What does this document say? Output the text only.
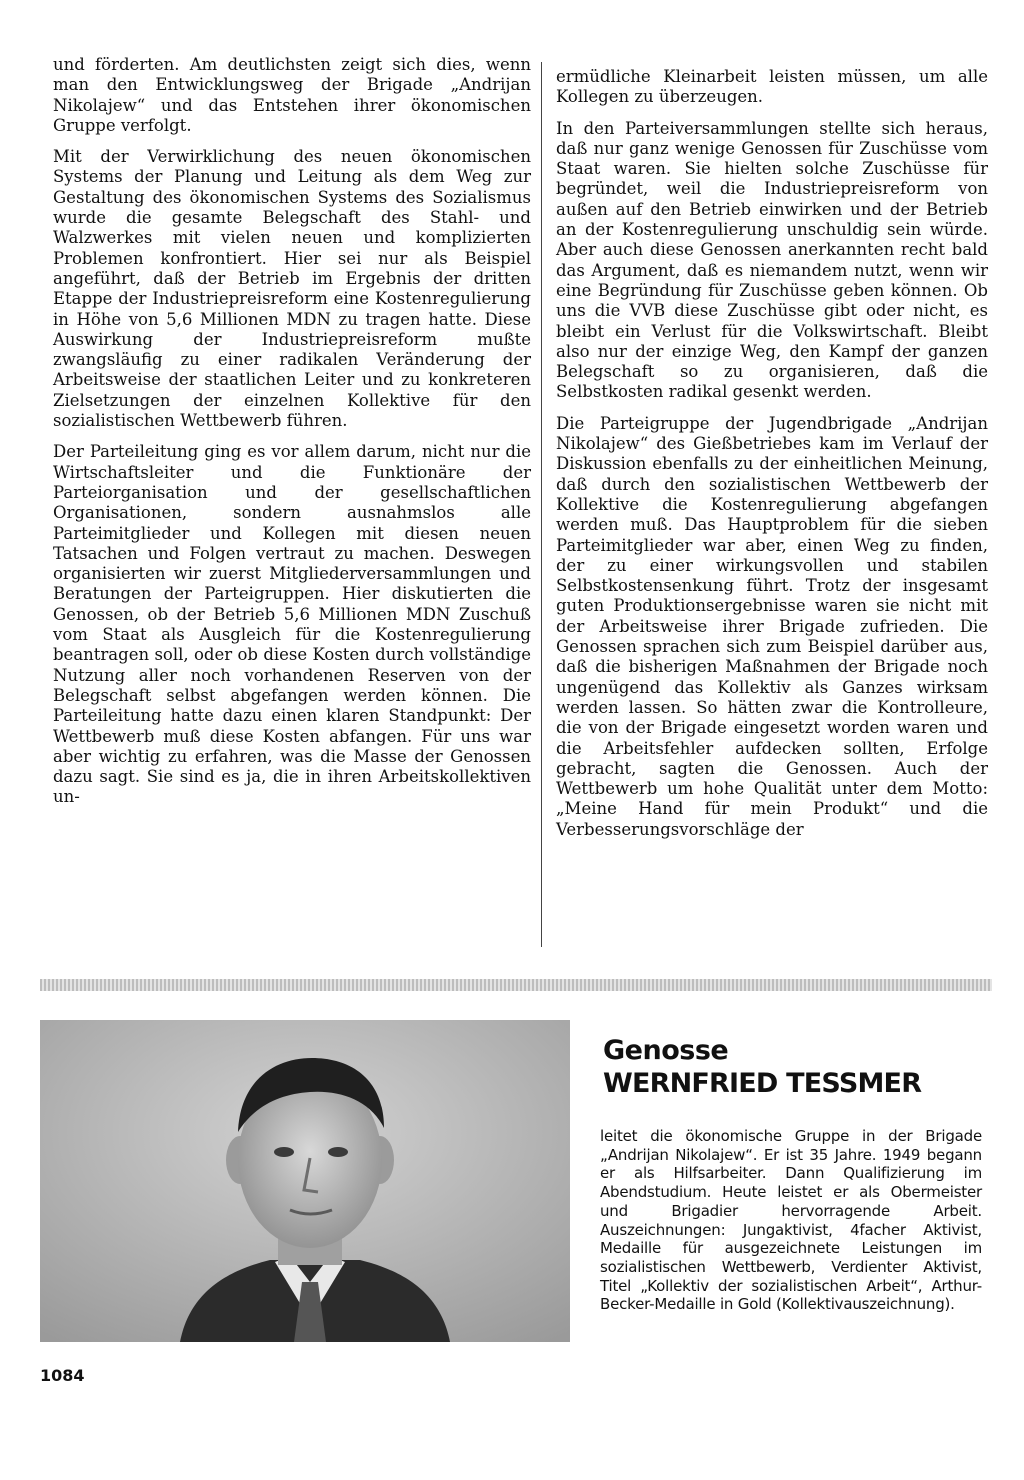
und förderten. Am deutlichsten zeigt sich dies, wenn man den Entwicklungsweg der Brigade „Andrijan Nikolajew“ und das Entstehen ihrer ökonomischen Gruppe verfolgt.

Mit der Verwirklichung des neuen ökonomischen Systems der Planung und Leitung als dem Weg zur Gestaltung des ökonomischen Systems des Sozialismus wurde die gesamte Belegschaft des Stahl- und Walzwerkes mit vielen neuen und komplizierten Problemen konfrontiert. Hier sei nur als Beispiel angeführt, daß der Betrieb im Ergebnis der dritten Etappe der Industriepreisreform eine Kostenregulierung in Höhe von 5,6 Millionen MDN zu tragen hatte. Diese Auswirkung der Industriepreisreform mußte zwangsläufig zu einer radikalen Veränderung der Arbeitsweise der staatlichen Leiter und zu konkreteren Zielsetzungen der einzelnen Kollektive für den sozialistischen Wettbewerb führen.

Der Parteileitung ging es vor allem darum, nicht nur die Wirtschaftsleiter und die Funktionäre der Parteiorganisation und der gesellschaftlichen Organisationen, sondern ausnahmslos alle Parteimitglieder und Kollegen mit diesen neuen Tatsachen und Folgen vertraut zu machen. Deswegen organisierten wir zuerst Mitgliederversammlungen und Beratungen der Parteigruppen. Hier diskutierten die Genossen, ob der Betrieb 5,6 Millionen MDN Zuschuß vom Staat als Ausgleich für die Kostenregulierung beantragen soll, oder ob diese Kosten durch vollständige Nutzung aller noch vorhandenen Reserven von der Belegschaft selbst abgefangen werden können. Die Parteileitung hatte dazu einen klaren Standpunkt: Der Wettbewerb muß diese Kosten abfangen. Für uns war aber wichtig zu erfahren, was die Masse der Genossen dazu sagt. Sie sind es ja, die in ihren Arbeitskollektiven un-

ermüdliche Kleinarbeit leisten müssen, um alle Kollegen zu überzeugen.

In den Parteiversammlungen stellte sich heraus, daß nur ganz wenige Genossen für Zuschüsse vom Staat waren. Sie hielten solche Zuschüsse für begründet, weil die Industriepreisreform von außen auf den Betrieb einwirken und der Betrieb an der Kostenregulierung unschuldig sein würde. Aber auch diese Genossen anerkannten recht bald das Argument, daß es niemandem nutzt, wenn wir eine Begründung für Zuschüsse geben können. Ob uns die VVB diese Zuschüsse gibt oder nicht, es bleibt ein Verlust für die Volkswirtschaft. Bleibt also nur der einzige Weg, den Kampf der ganzen Belegschaft so zu organisieren, daß die Selbstkosten radikal gesenkt werden.

Die Parteigruppe der Jugendbrigade „Andrijan Nikolajew“ des Gießbetriebes kam im Verlauf der Diskussion ebenfalls zu der einheitlichen Meinung, daß durch den sozialistischen Wettbewerb der Kollektive die Kostenregulierung abgefangen werden muß. Das Hauptproblem für die sieben Parteimitglieder war aber, einen Weg zu finden, der zu einer wirkungsvollen und stabilen Selbstkostensenkung führt. Trotz der insgesamt guten Produktionsergebnisse waren sie nicht mit der Arbeitsweise ihrer Brigade zufrieden. Die Genossen sprachen sich zum Beispiel darüber aus, daß die bisherigen Maßnahmen der Brigade noch ungenügend das Kollektiv als Ganzes wirksam werden lassen. So hätten zwar die Kontrolleure, die von der Brigade eingesetzt worden waren und die Arbeitsfehler aufdecken sollten, Erfolge gebracht, sagten die Genossen. Auch der Wettbewerb um hohe Qualität unter dem Motto: „Meine Hand für mein Produkt“ und die Verbesserungsvorschläge der

Genosse
WERNFRIED TESSMER
leitet die ökonomische Gruppe in der Brigade „Andrijan Nikolajew“. Er ist 35 Jahre. 1949 begann er als Hilfsarbeiter. Dann Qualifizierung im Abendstudium. Heute leistet er als Obermeister und Brigadier hervorragende Arbeit. Auszeichnungen: Jungaktivist, 4facher Aktivist, Medaille für ausgezeichnete Leistungen im sozialistischen Wettbewerb, Verdienter Aktivist, Titel „Kollektiv der sozialistischen Arbeit“, Arthur-Becker-Medaille in Gold (Kollektivauszeichnung).
1084
